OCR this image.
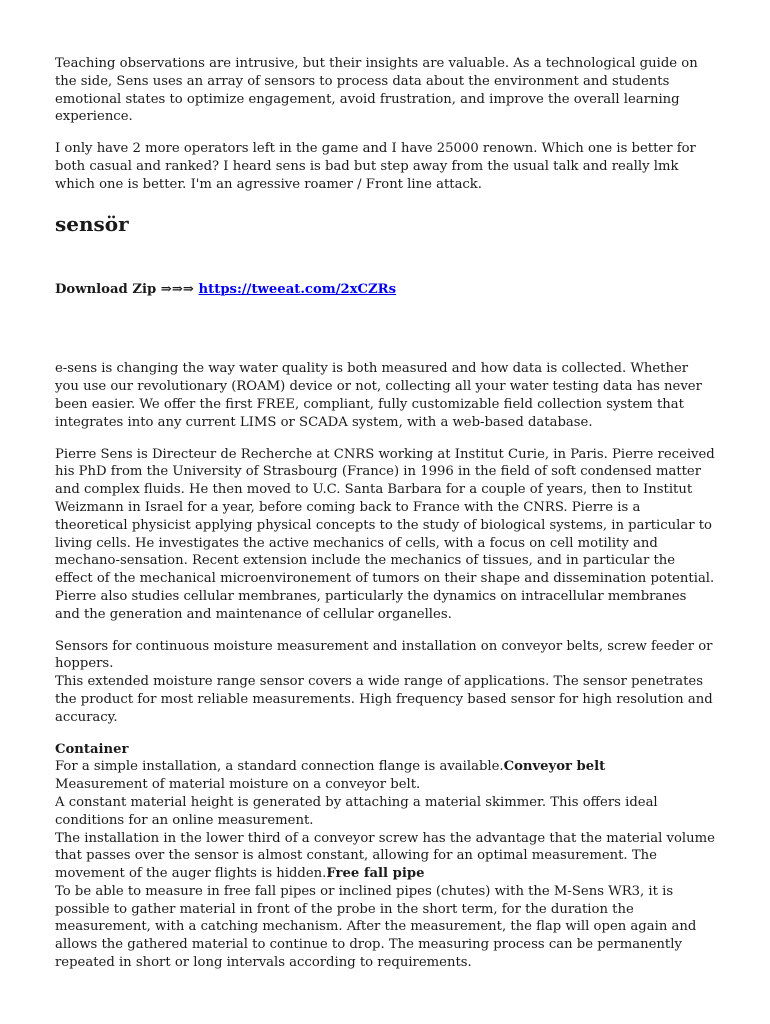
Teaching observations are intrusive, but their insights are valuable. As a technological guide on the side, Sens uses an array of sensors to process data about the environment and students emotional states to optimize engagement, avoid frustration, and improve the overall learning experience.

I only have 2 more operators left in the game and I have 25000 renown. Which one is better for both casual and ranked? I heard sens is bad but step away from the usual talk and really lmk which one is better. I'm an agressive roamer / Front line attack.

sensör

Download Zip ⇒⇒⇒ https://tweeat.com/2xCZRs

e-sens is changing the way water quality is both measured and how data is collected. Whether you use our revolutionary (ROAM) device or not, collecting all your water testing data has never been easier. We offer the first FREE, compliant, fully customizable field collection system that integrates into any current LIMS or SCADA system, with a web-based database.

Pierre Sens is Directeur de Recherche at CNRS working at Institut Curie, in Paris. Pierre received his PhD from the University of Strasbourg (France) in 1996 in the field of soft condensed matter and complex fluids. He then moved to U.C. Santa Barbara for a couple of years, then to Institut Weizmann in Israel for a year, before coming back to France with the CNRS. Pierre is a theoretical physicist applying physical concepts to the study of biological systems, in particular to living cells. He investigates the active mechanics of cells, with a focus on cell motility and mechano-sensation. Recent extension include the mechanics of tissues, and in particular the effect of the mechanical microenvironement of tumors on their shape and dissemination potential. Pierre also studies cellular membranes, particularly the dynamics on intracellular membranes and the generation and maintenance of cellular organelles.

Sensors for continuous moisture measurement and installation on conveyor belts, screw feeder or hoppers.

This extended moisture range sensor covers a wide range of applications. The sensor penetrates the product for most reliable measurements. High frequency based sensor for high resolution and accuracy.

Container

For a simple installation, a standard connection flange is available.Conveyor belt

Measurement of material moisture on a conveyor belt.

A constant material height is generated by attaching a material skimmer. This offers ideal conditions for an online measurement.

The installation in the lower third of a conveyor screw has the advantage that the material volume that passes over the sensor is almost constant, allowing for an optimal measurement. The movement of the auger flights is hidden.Free fall pipe

To be able to measure in free fall pipes or inclined pipes (chutes) with the M-Sens WR3, it is possible to gather material in front of the probe in the short term, for the duration the measurement, with a catching mechanism. After the measurement, the flap will open again and allows the gathered material to continue to drop. The measuring process can be permanently repeated in short or long intervals according to requirements.
